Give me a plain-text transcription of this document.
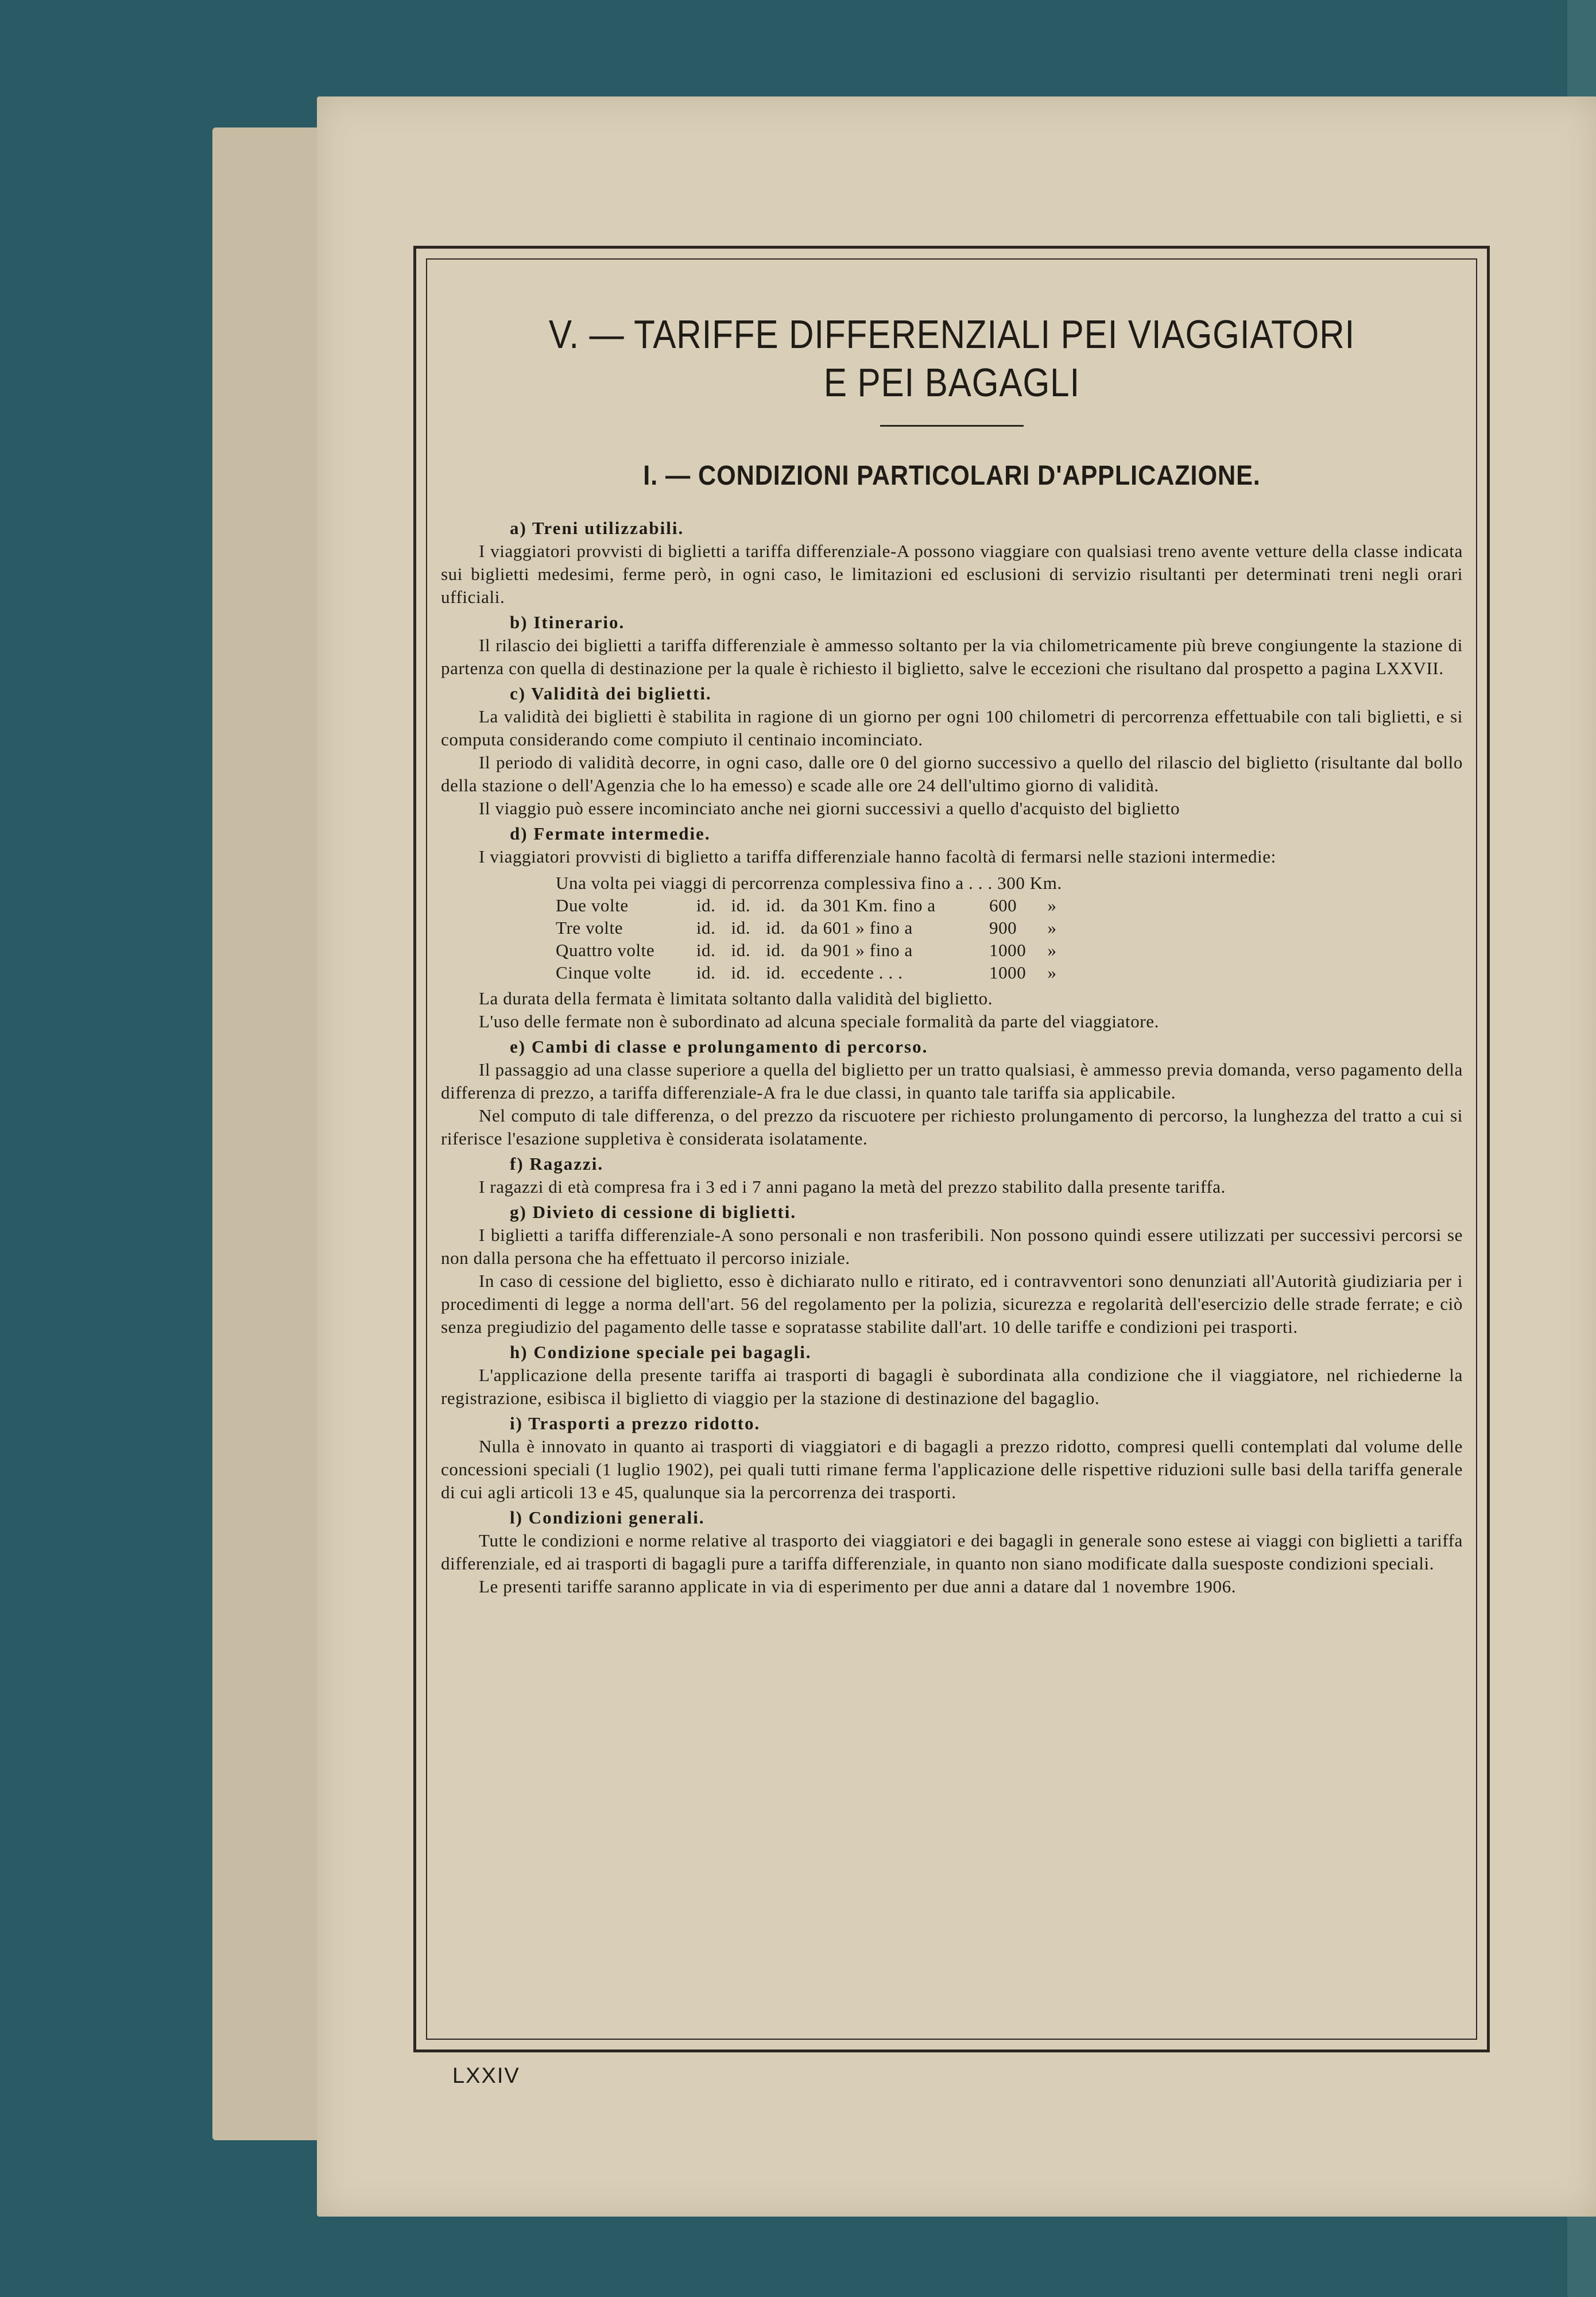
V. — TARIFFE DIFFERENZIALI PEI VIAGGIATORI
E PEI BAGAGLI
I. — CONDIZIONI PARTICOLARI D'APPLICAZIONE.
a) Treni utilizzabili.
I viaggiatori provvisti di biglietti a tariffa differenziale-A possono viaggiare con qualsiasi treno avente vetture della classe indicata sui biglietti medesimi, ferme però, in ogni caso, le limitazioni ed esclusioni di servizio risultanti per determinati treni negli orari ufficiali.
b) Itinerario.
Il rilascio dei biglietti a tariffa differenziale è ammesso soltanto per la via chilometricamente più breve congiungente la stazione di partenza con quella di destinazione per la quale è richiesto il biglietto, salve le eccezioni che risultano dal prospetto a pagina LXXVII.
c) Validità dei biglietti.
La validità dei biglietti è stabilita in ragione di un giorno per ogni 100 chilometri di percorrenza effettuabile con tali biglietti, e si computa considerando come compiuto il centinaio incominciato.
Il periodo di validità decorre, in ogni caso, dalle ore 0 del giorno successivo a quello del rilascio del biglietto (risultante dal bollo della stazione o dell'Agenzia che lo ha emesso) e scade alle ore 24 dell'ultimo giorno di validità.
Il viaggio può essere incominciato anche nei giorni successivi a quello d'acquisto del biglietto
d) Fermate intermedie.
I viaggiatori provvisti di biglietto a tariffa differenziale hanno facoltà di fermarsi nelle stazioni intermedie:
Una volta pei viaggi di percorrenza complessiva fino a . . . 300 Km.						
Due volte	id.	id.	id.	da 301 Km. fino a	600	»
Tre volte	id.	id.	id.	da 601 » fino a	900	»
Quattro volte	id.	id.	id.	da 901 » fino a	1000	»
Cinque volte	id.	id.	id.	eccedente . . .	1000	»
La durata della fermata è limitata soltanto dalla validità del biglietto.
L'uso delle fermate non è subordinato ad alcuna speciale formalità da parte del viaggiatore.
e) Cambi di classe e prolungamento di percorso.
Il passaggio ad una classe superiore a quella del biglietto per un tratto qualsiasi, è ammesso previa domanda, verso pagamento della differenza di prezzo, a tariffa differenziale-A fra le due classi, in quanto tale tariffa sia applicabile.
Nel computo di tale differenza, o del prezzo da riscuotere per richiesto prolungamento di percorso, la lunghezza del tratto a cui si riferisce l'esazione suppletiva è considerata isolatamente.
f) Ragazzi.
I ragazzi di età compresa fra i 3 ed i 7 anni pagano la metà del prezzo stabilito dalla presente tariffa.
g) Divieto di cessione di biglietti.
I biglietti a tariffa differenziale-A sono personali e non trasferibili. Non possono quindi essere utilizzati per successivi percorsi se non dalla persona che ha effettuato il percorso iniziale.
In caso di cessione del biglietto, esso è dichiarato nullo e ritirato, ed i contravventori sono denunziati all'Autorità giudiziaria per i procedimenti di legge a norma dell'art. 56 del regolamento per la polizia, sicurezza e regolarità dell'esercizio delle strade ferrate; e ciò senza pregiudizio del pagamento delle tasse e sopratasse stabilite dall'art. 10 delle tariffe e condizioni pei trasporti.
h) Condizione speciale pei bagagli.
L'applicazione della presente tariffa ai trasporti di bagagli è subordinata alla condizione che il viaggiatore, nel richiederne la registrazione, esibisca il biglietto di viaggio per la stazione di destinazione del bagaglio.
i) Trasporti a prezzo ridotto.
Nulla è innovato in quanto ai trasporti di viaggiatori e di bagagli a prezzo ridotto, compresi quelli contemplati dal volume delle concessioni speciali (1 luglio 1902), pei quali tutti rimane ferma l'applicazione delle rispettive riduzioni sulle basi della tariffa generale di cui agli articoli 13 e 45, qualunque sia la percorrenza dei trasporti.
l) Condizioni generali.
Tutte le condizioni e norme relative al trasporto dei viaggiatori e dei bagagli in generale sono estese ai viaggi con biglietti a tariffa differenziale, ed ai trasporti di bagagli pure a tariffa differenziale, in quanto non siano modificate dalla suesposte condizioni speciali.
Le presenti tariffe saranno applicate in via di esperimento per due anni a datare dal 1 novembre 1906.
LXXIV
